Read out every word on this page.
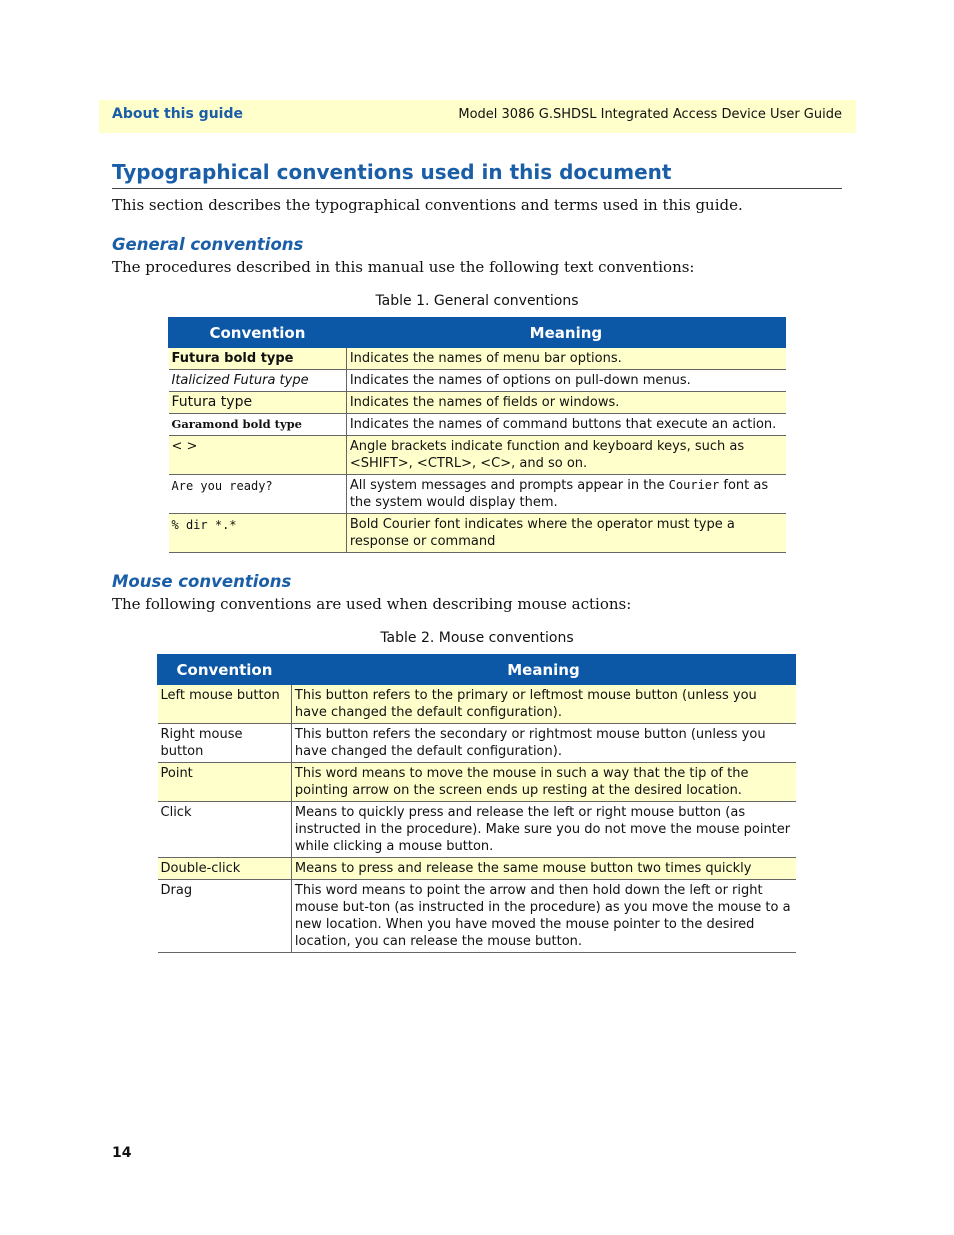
About this guide	Model 3086 G.SHDSL Integrated Access Device User Guide
Typographical conventions used in this document

This section describes the typographical conventions and terms used in this guide.

General conventions

The procedures described in this manual use the following text conventions:

Table 1. General conventions

Convention	Meaning
Futura bold type	Indicates the names of menu bar options.
Italicized Futura type	Indicates the names of options on pull-down menus.
Futura type	Indicates the names of fields or windows.
Garamond bold type	Indicates the names of command buttons that execute an action.
< >	Angle brackets indicate function and keyboard keys, such as <SHIFT>, <CTRL>, <C>, and so on.
Are you ready?	All system messages and prompts appear in the Courier font as the system would display them.
% dir *.*	Bold Courier font indicates where the operator must type a response or command
Mouse conventions

The following conventions are used when describing mouse actions:

Table 2. Mouse conventions

Convention	Meaning
Left mouse button	This button refers to the primary or leftmost mouse button (unless you have changed the default configuration).
Right mouse button	This button refers the secondary or rightmost mouse button (unless you have changed the default configuration).
Point	This word means to move the mouse in such a way that the tip of the pointing arrow on the screen ends up resting at the desired location.
Click	Means to quickly press and release the left or right mouse button (as instructed in the procedure). Make sure you do not move the mouse pointer while clicking a mouse button.
Double-click	Means to press and release the same mouse button two times quickly
Drag	This word means to point the arrow and then hold down the left or right mouse but-ton (as instructed in the procedure) as you move the mouse to a new location. When you have moved the mouse pointer to the desired location, you can release the mouse button.
14
